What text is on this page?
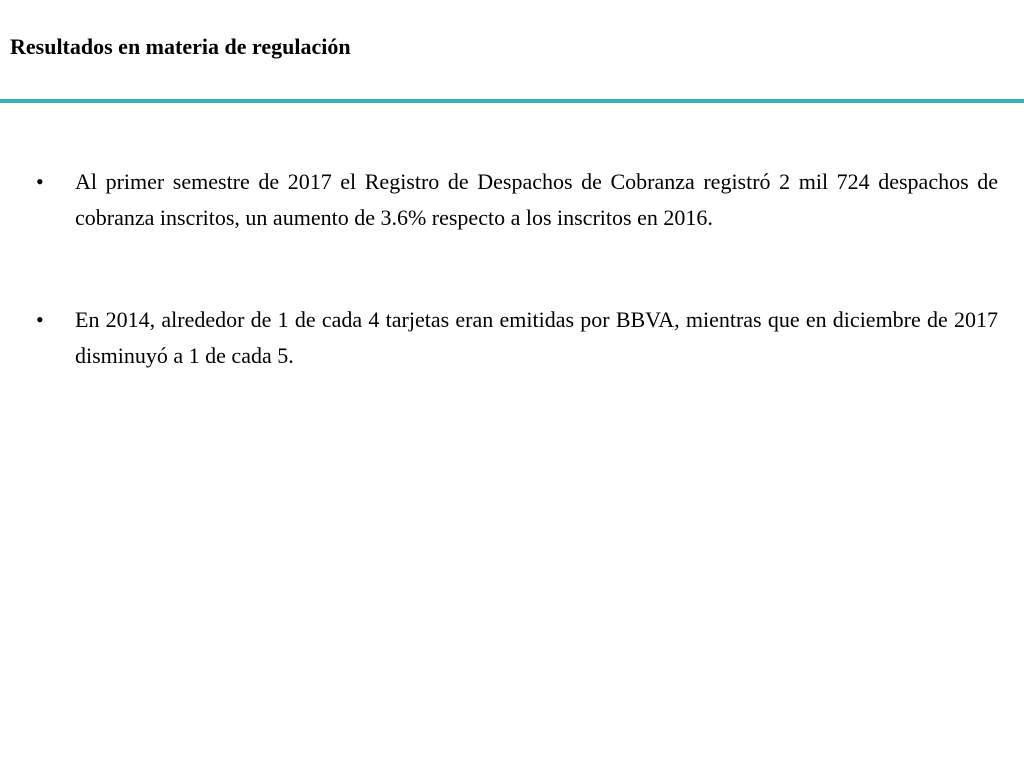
Resultados en materia de regulación
• Al primer semestre de 2017 el Registro de Despachos de Cobranza registró 2 mil 724 despachos de cobranza inscritos, un aumento de 3.6% respecto a los inscritos en 2016.
• En 2014, alrededor de 1 de cada 4 tarjetas eran emitidas por BBVA, mientras que en diciembre de 2017 disminuyó a 1 de cada 5.
